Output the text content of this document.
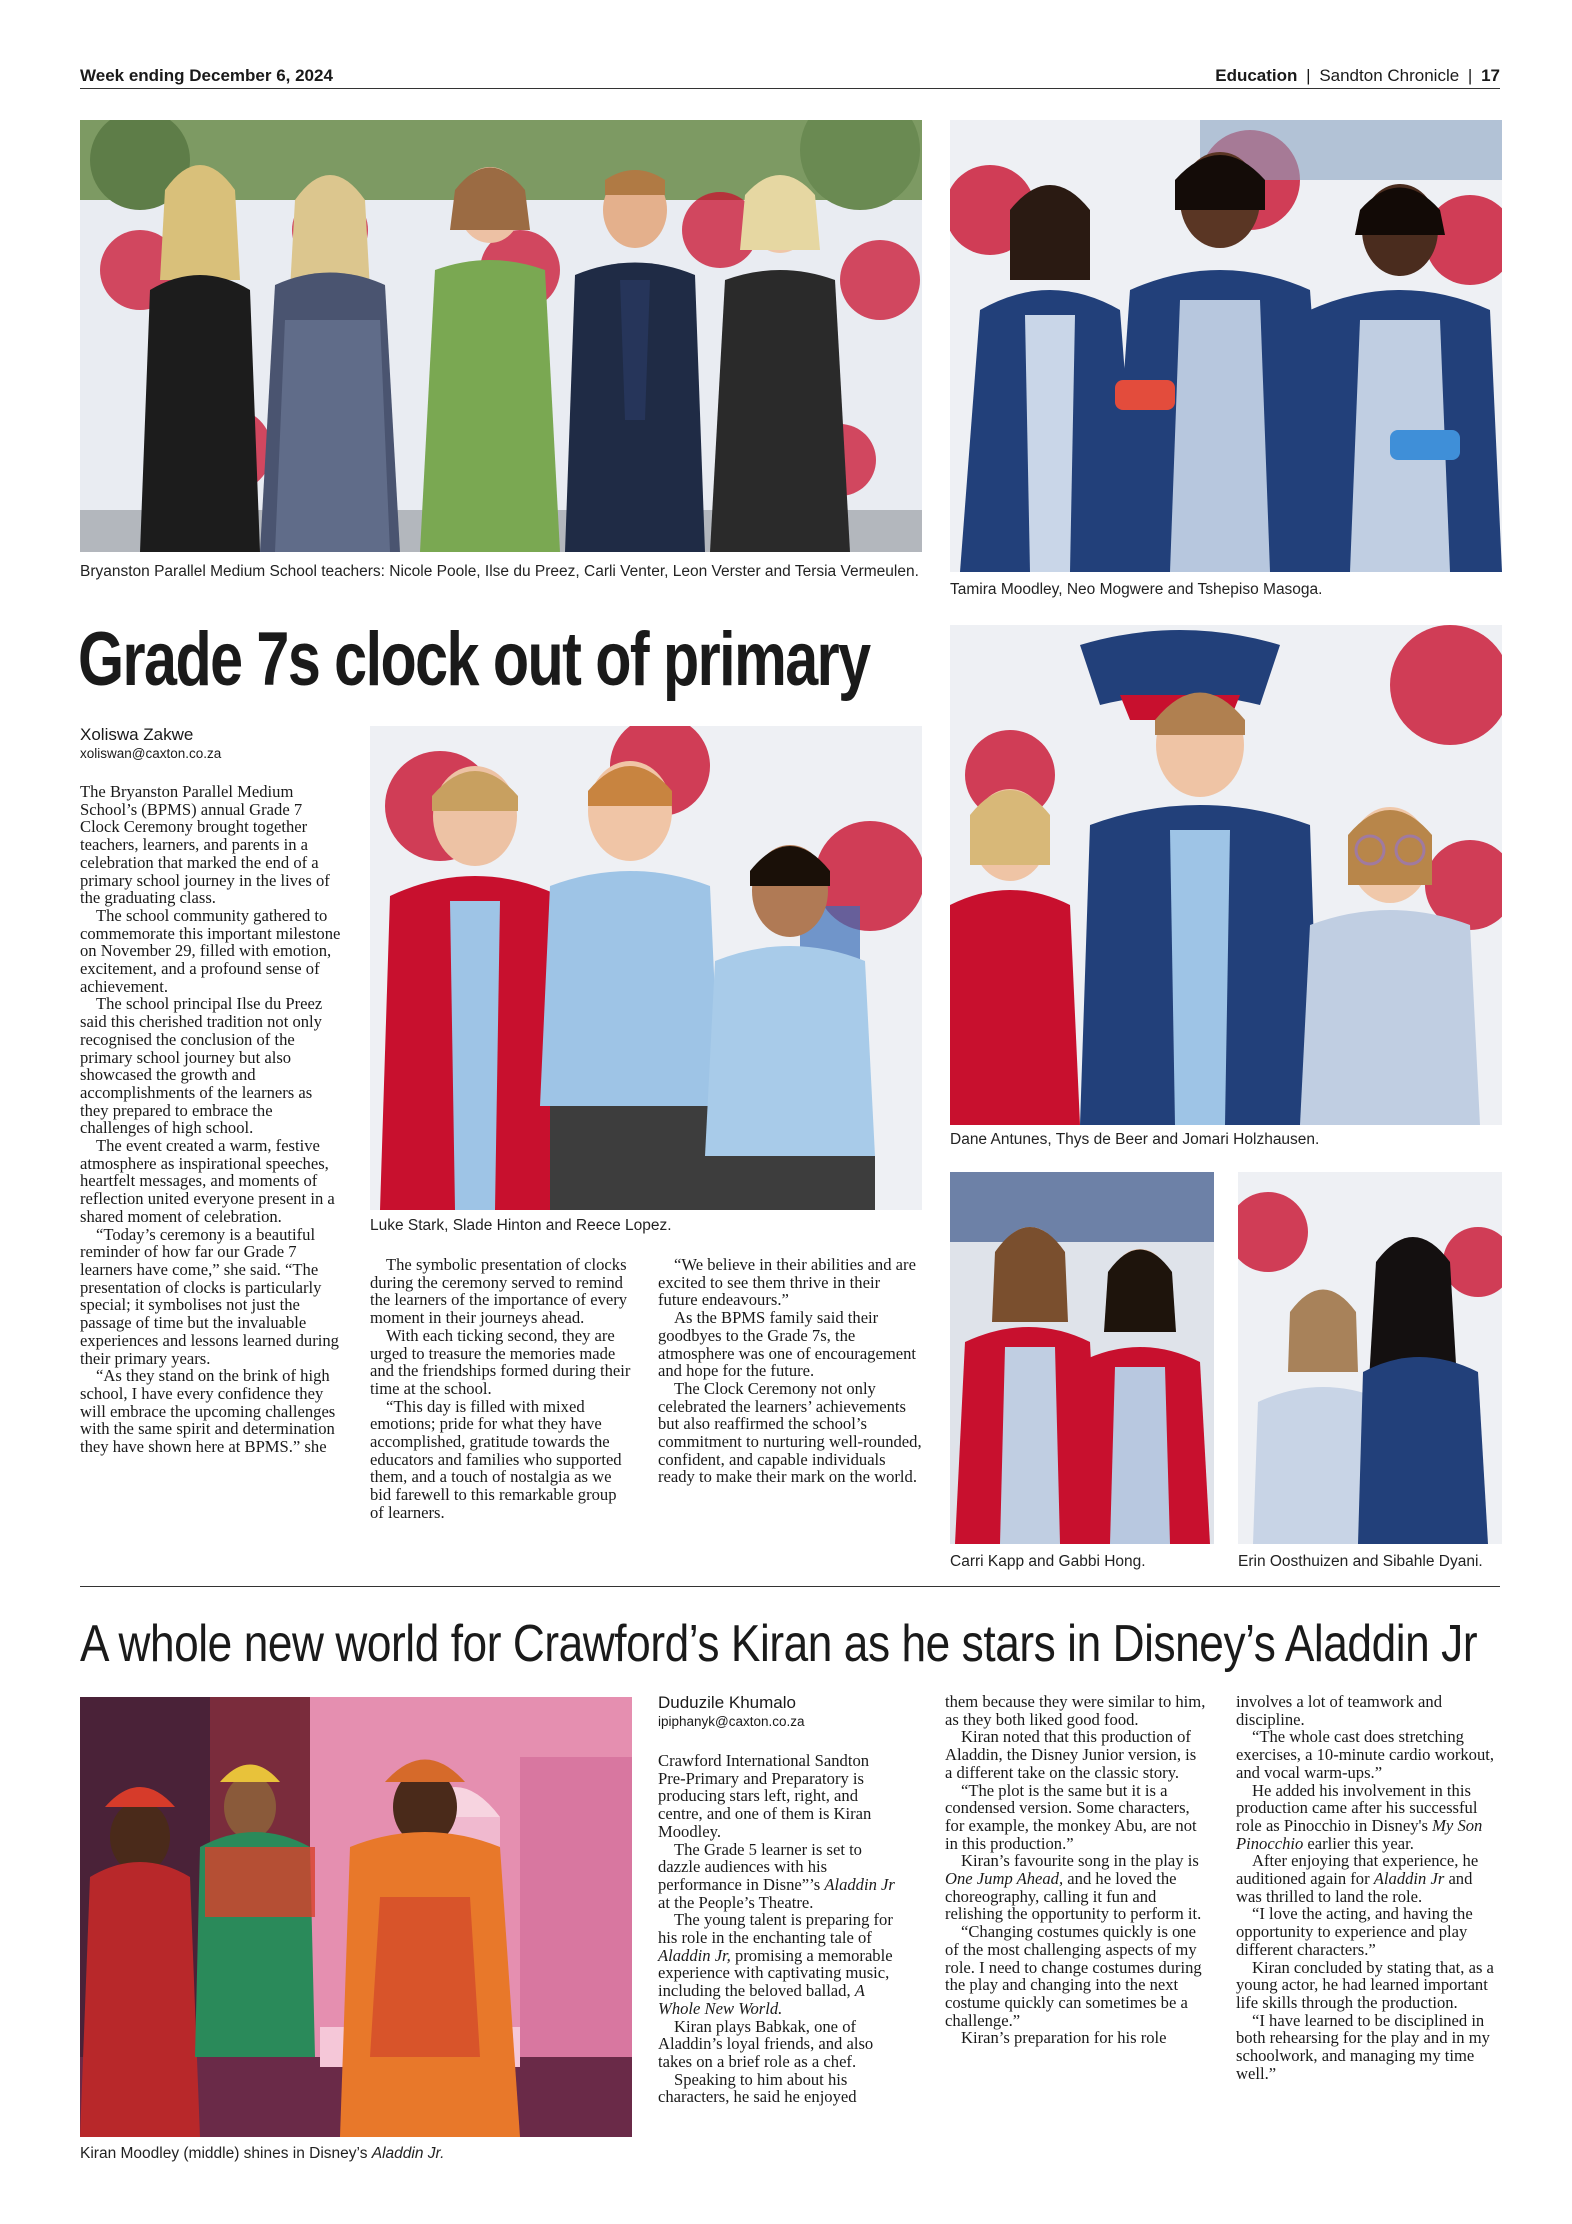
Week ending December 6, 2024	Education | Sandton Chronicle | 17
Bryanston Parallel Medium School teachers: Nicole Poole, Ilse du Preez, Carli Venter, Leon Verster and Tersia Vermeulen.
Tamira Moodley, Neo Mogwere and Tshepiso Masoga.
Grade 7s clock out of primary
Xoliswa Zakwe
xoliswan@caxton.co.za
Luke Stark, Slade Hinton and Reece Lopez.
Dane Antunes, Thys de Beer and Jomari Holzhausen.
Carri Kapp and Gabbi Hong.	Erin Oosthuizen and Sibahle Dyani.

The Bryanston Parallel Medium School’s (BPMS) annual Grade 7 Clock Ceremony brought together teachers, learners, and parents in a celebration that marked the end of a primary school journey in the lives of the graduating class.

The school community gathered to commemorate this important milestone on November 29, filled with emotion, excitement, and a profound sense of achievement.

The school principal Ilse du Preez said this cherished tradition not only recognised the conclusion of the primary school journey but also showcased the growth and accomplishments of the learners as they prepared to embrace the challenges of high school.

The event created a warm, festive atmosphere as inspirational speeches, heartfelt messages, and moments of reflection united everyone present in a shared moment of celebration.

“Today’s ceremony is a beautiful reminder of how far our Grade 7 learners have come,” she said. “The presentation of clocks is particularly special; it symbolises not just the passage of time but the invaluable experiences and lessons learned during their primary years.

“As they stand on the brink of high school, I have every confidence they will embrace the upcoming challenges with the same spirit and determination they have shown here at BPMS.” she

The symbolic presentation of clocks during the ceremony served to remind the learners of the importance of every moment in their journeys ahead.

With each ticking second, they are urged to treasure the memories made and the friendships formed during their time at the school.

“This day is filled with mixed emotions; pride for what they have accomplished, gratitude towards the educators and families who supported them, and a touch of nostalgia as we bid farewell to this remarkable group of learners.

“We believe in their abilities and are excited to see them thrive in their future endeavours.”

As the BPMS family said their goodbyes to the Grade 7s, the atmosphere was one of encouragement and hope for the future.

The Clock Ceremony not only celebrated the learners’ achievements but also reaffirmed the school’s commitment to nurturing well-rounded, confident, and capable individuals ready to make their mark on the world.

A whole new world for Crawford’s Kiran as he stars in Disney’s Aladdin Jr
Kiran Moodley (middle) shines in Disney’s Aladdin Jr.
Duduzile Khumalo
ipiphanyk@caxton.co.za

Crawford International Sandton Pre-Primary and Preparatory is producing stars left, right, and centre, and one of them is Kiran Moodley.

The Grade 5 learner is set to dazzle audiences with his performance in Disne”’s Aladdin Jr at the People’s Theatre.

The young talent is preparing for his role in the enchanting tale of Aladdin Jr, promising a memorable experience with captivating music, including the beloved ballad, A Whole New World.

Kiran plays Babkak, one of Aladdin’s loyal friends, and also takes on a brief role as a chef.

Speaking to him about his characters, he said he enjoyed

them because they were similar to him, as they both liked good food.

Kiran noted that this production of Aladdin, the Disney Junior version, is a different take on the classic story.

“The plot is the same but it is a condensed version. Some characters, for example, the monkey Abu, are not in this production.”

Kiran’s favourite song in the play is One Jump Ahead, and he loved the choreography, calling it fun and relishing the opportunity to perform it.

“Changing costumes quickly is one of the most challenging aspects of my role. I need to change costumes during the play and changing into the next costume quickly can sometimes be a challenge.”

Kiran’s preparation for his role

involves a lot of teamwork and discipline.

“The whole cast does stretching exercises, a 10-minute cardio workout, and vocal warm-ups.”

He added his involvement in this production came after his successful role as Pinocchio in Disney's My Son Pinocchio earlier this year.

After enjoying that experience, he auditioned again for Aladdin Jr and was thrilled to land the role.

“I love the acting, and having the opportunity to experience and play different characters.”

Kiran concluded by stating that, as a young actor, he had learned important life skills through the production.

“I have learned to be disciplined in both rehearsing for the play and in my schoolwork, and managing my time well.”
